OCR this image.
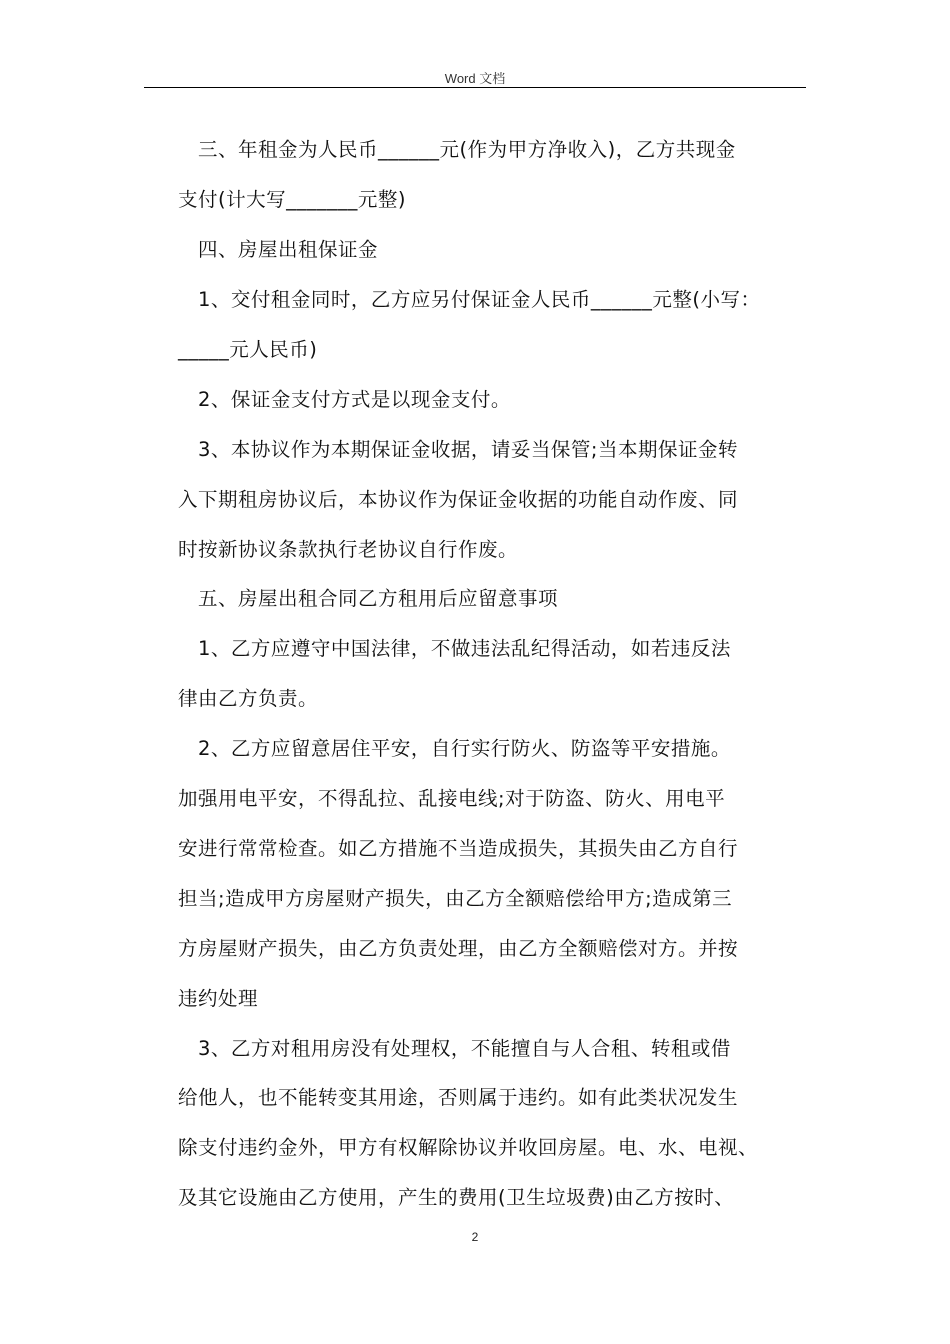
Word 文档
三、年租金为人民币______元(作为甲方净收入)，乙方共现金
支付(计大写_______元整)
四、房屋出租保证金
1、交付租金同时，乙方应另付保证金人民币______元整(小写：
_____元人民币)
2、保证金支付方式是以现金支付。
3、本协议作为本期保证金收据，请妥当保管;当本期保证金转
入下期租房协议后，本协议作为保证金收据的功能自动作废、同
时按新协议条款执行老协议自行作废。
五、房屋出租合同乙方租用后应留意事项
1、乙方应遵守中国法律，不做违法乱纪得活动，如若违反法
律由乙方负责。
2、乙方应留意居住平安，自行实行防火、防盗等平安措施。
加强用电平安，不得乱拉、乱接电线;对于防盗、防火、用电平
安进行常常检查。如乙方措施不当造成损失，其损失由乙方自行
担当;造成甲方房屋财产损失，由乙方全额赔偿给甲方;造成第三
方房屋财产损失，由乙方负责处理，由乙方全额赔偿对方。并按
违约处理
3、乙方对租用房没有处理权，不能擅自与人合租、转租或借
给他人，也不能转变其用途，否则属于违约。如有此类状况发生
除支付违约金外，甲方有权解除协议并收回房屋。电、水、电视、
及其它设施由乙方使用，产生的费用(卫生垃圾费)由乙方按时、
2
